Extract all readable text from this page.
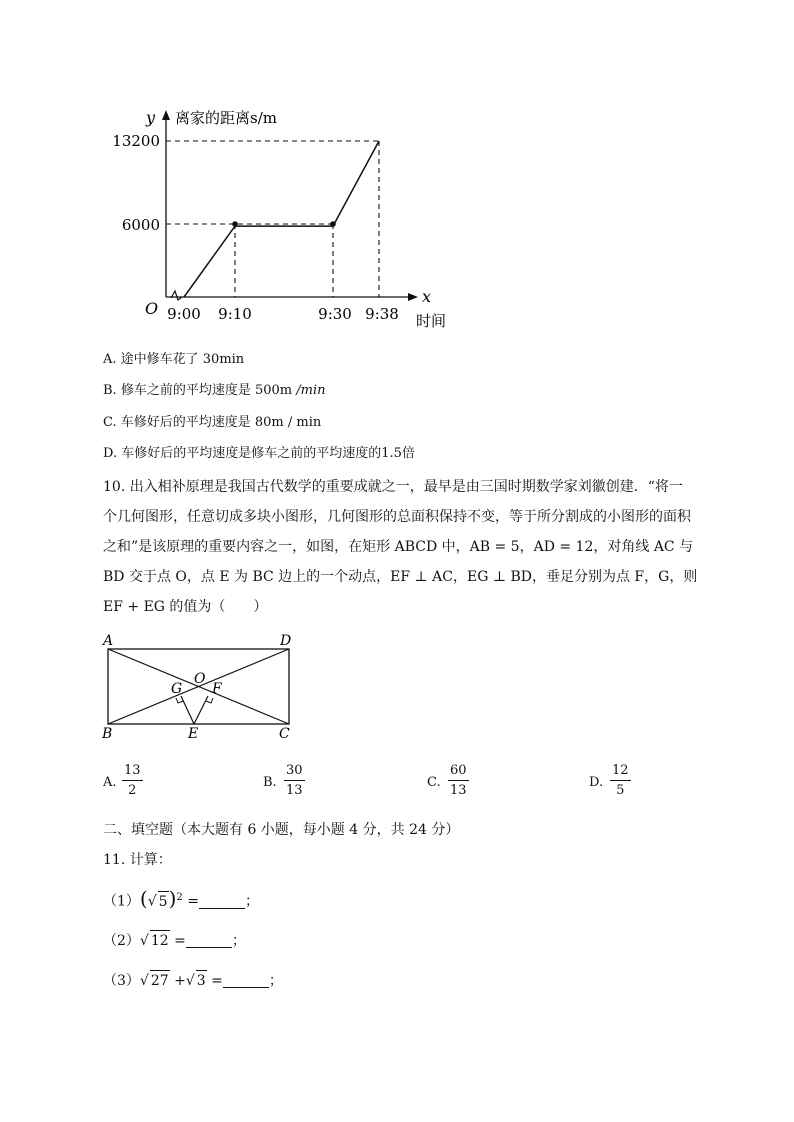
y 离家的距离s/m
13200
6000
O 9:00 9:10	9:30 9:38
x
时间
A. 途中修车花了 30min
B. 修车之前的平均速度是 500m /min
C. 车修好后的平均速度是 80m / min
D. 车修好后的平均速度是修车之前的平均速度的1.5倍
10. 出入相补原理是我国古代数学的重要成就之一，最早是由三国时期数学家刘徽创建．“将一
个几何图形，任意切成多块小图形，几何图形的总面积保持不变，等于所分割成的小图形的面积
之和”是该原理的重要内容之一，如图，在矩形 ABCD 中，AB = 5，AD = 12，对角线 AC 与
BD 交于点 O，点 E 为 BC 边上的一个动点，EF ⊥ AC，EG ⊥ BD，垂足分别为点 F，G，则
EF + EG 的值为（　　）
A	D
B	E	C
O
G F
A.
13
2
B.
30
13
C.
60
13
D.
12
5
二、填空题（本大题有 6 小题，每小题 4 分，共 24 分）
11. 计算：
（1）(√ 5)$^2$ =	；
（2）√ 12 =	；
（3）√ 27 +√ 3 =	；
